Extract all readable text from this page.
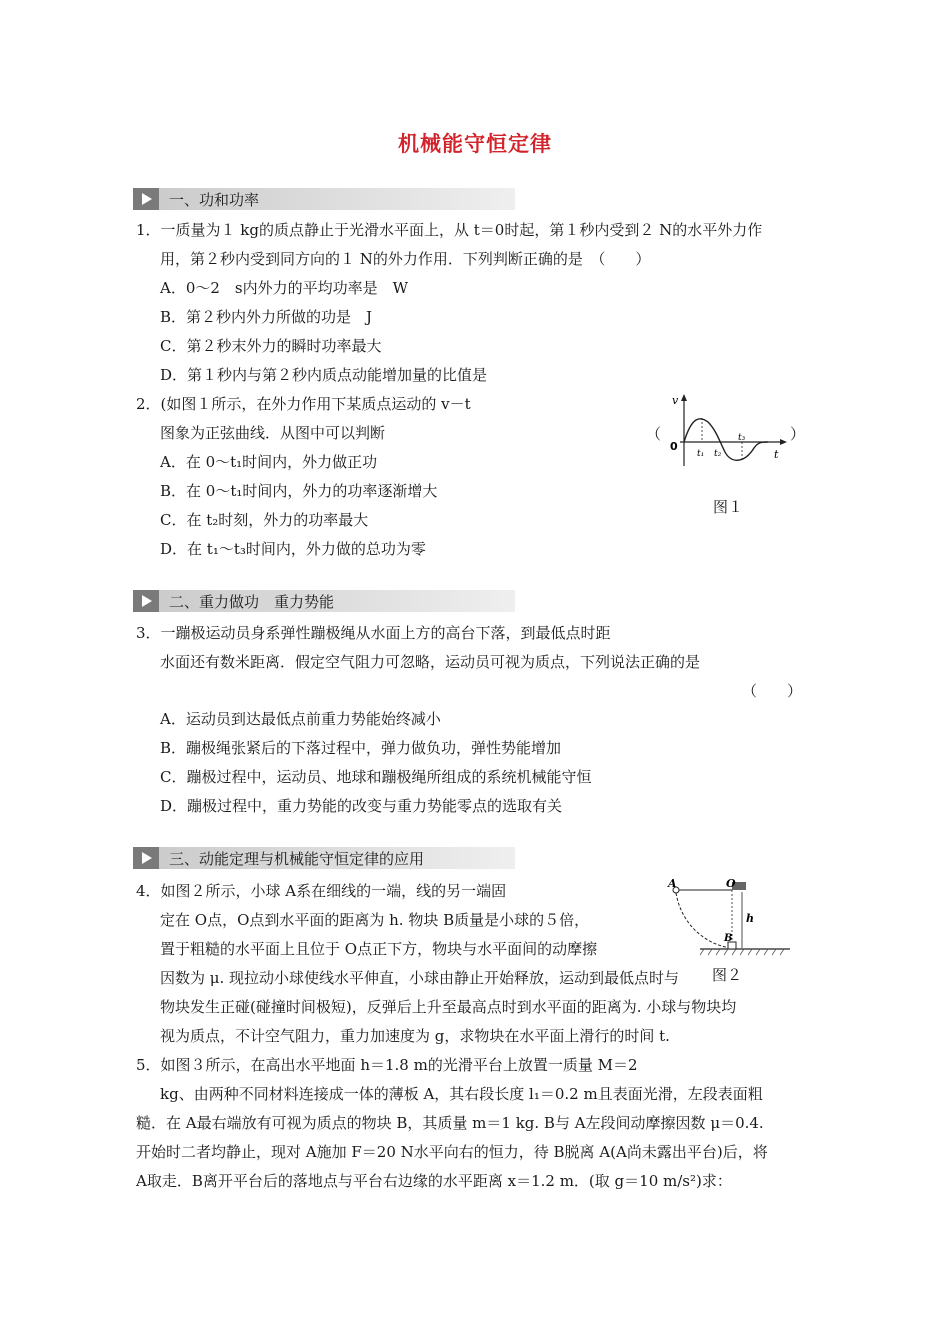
机械能守恒定律
一、功和功率
1．一质量为１ kg的质点静止于光滑水平面上，从 t＝0时起，第１秒内受到２ N的水平外力作
用，第２秒内受到同方向的１ N的外力作用．下列判断正确的是　（　　）
A．0～2　s内外力的平均功率是　W
B．第２秒内外力所做的功是　J
C．第２秒末外力的瞬时功率最大
D．第１秒内与第２秒内质点动能增加量的比值是
2．(如图１所示，在外力作用下某质点运动的 v－t
图象为正弦曲线．从图中可以判断	（	）
A．在 0～t₁时间内，外力做正功
B．在 0～t₁时间内，外力的功率逐渐增大
C．在 t₂时刻，外力的功率最大
D．在 t₁～t₃时间内，外力做的总功为零
v
t
0
t₁ t₂
t₃
图１
二、重力做功　重力势能
3．一蹦极运动员身系弹性蹦极绳从水面上方的高台下落，到最低点时距
水面还有数米距离．假定空气阻力可忽略，运动员可视为质点，下列说法正确的是
（　　）
A．运动员到达最低点前重力势能始终减小
B．蹦极绳张紧后的下落过程中，弹力做负功，弹性势能增加
C．蹦极过程中，运动员、地球和蹦极绳所组成的系统机械能守恒
D．蹦极过程中，重力势能的改变与重力势能零点的选取有关
三、动能定理与机械能守恒定律的应用
4．如图２所示，小球 A系在细线的一端，线的另一端固
定在 O点，O点到水平面的距离为 h. 物块 B质量是小球的５倍，
置于粗糙的水平面上且位于 O点正下方，物块与水平面间的动摩擦
因数为 μ. 现拉动小球使线水平伸直，小球由静止开始释放，运动到最低点时与
物块发生正碰(碰撞时间极短)，反弹后上升至最高点时到水平面的距离为. 小球与物块均
视为质点，不计空气阻力，重力加速度为 g，求物块在水平面上滑行的时间 t.
A	O
h
B
图２
5．如图３所示，在高出水平地面 h＝1.8 m的光滑平台上放置一质量 M＝2
kg、由两种不同材料连接成一体的薄板 A，其右段长度 l₁＝0.2 m且表面光滑，左段表面粗
糙．在 A最右端放有可视为质点的物块 B，其质量 m＝1 kg. B与 A左段间动摩擦因数 μ＝0.4.
开始时二者均静止，现对 A施加 F＝20 N水平向右的恒力，待 B脱离 A(A尚未露出平台)后，将
A取走．B离开平台后的落地点与平台右边缘的水平距离 x＝1.2 m．(取 g＝10 m/s²)求：
